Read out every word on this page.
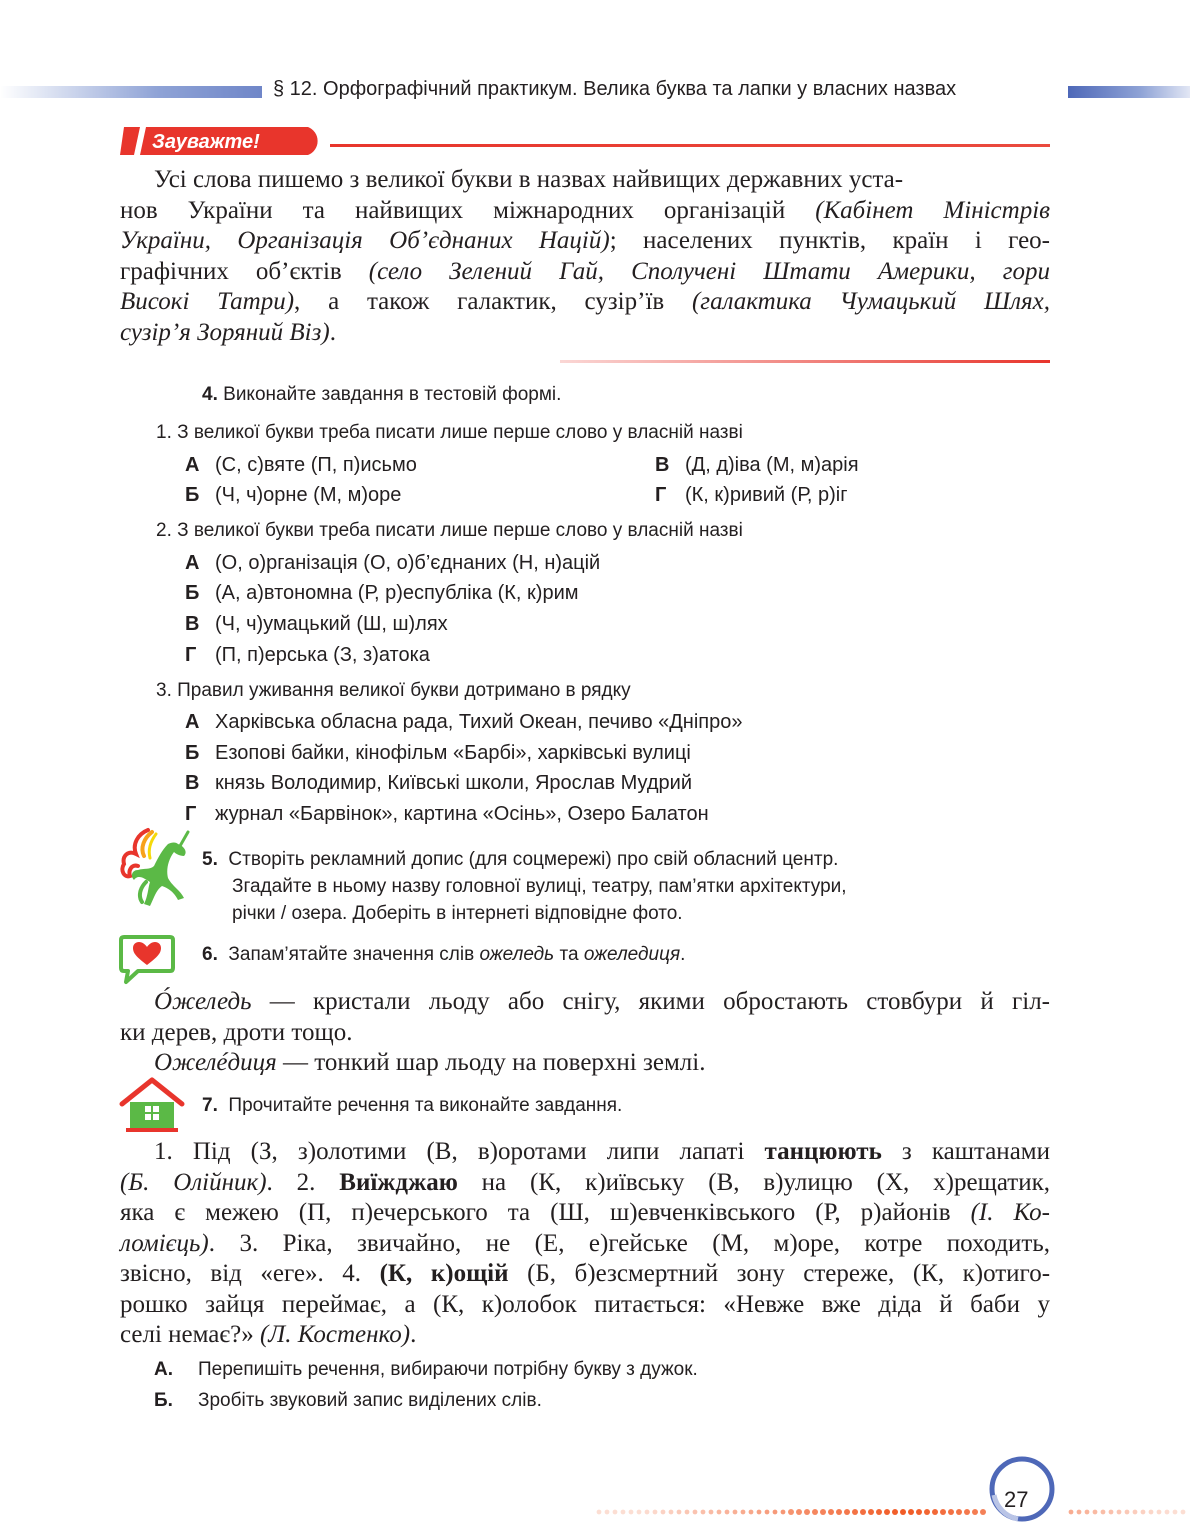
§ 12. Орфографічний практикум. Велика буква та лапки у власних назвах
Зауважте!

Усі слова пишемо з великої букви в назвах найвищих державних уста-

нов України та найвищих міжнародних організацій (Кабінет Міністрів
України, Організація Об’єднаних Націй); населених пунктів, країн і гео-
графічних об’єктів (село Зелений Гай, Сполучені Штати Америки, гори
Високі Татри), а також галактик, сузір’їв (галактика Чумацький Шлях,
сузір’я Зоряний Віз).
4. Виконайте завдання в тестовій формі.
1. З великої букви треба писати лише перше слово у власній назві
А (С, с)вяте (П, п)исьмо	В (Д, д)іва (М, м)арія
Б (Ч, ч)орне (М, м)оре	Г (К, к)ривий (Р, р)іг
2. З великої букви треба писати лише перше слово у власній назві
А (О, о)рганізація (О, о)б’єднаних (Н, н)ацій
Б (А, а)втономна (Р, р)еспубліка (К, к)рим
В (Ч, ч)умацький (Ш, ш)лях
Г (П, п)ерська (З, з)атока
3. Правил уживання великої букви дотримано в рядку
А Харківська обласна рада, Тихий Океан, печиво «Дніпро»
Б Езопові байки, кінофільм «Барбі», харківські вулиці
В князь Володимир, Київські школи, Ярослав Мудрий
Г журнал «Барвінок», картина «Осінь», Озеро Балатон
5. Створіть рекламний допис (для соцмережі) про свій обласний центр.
Згадайте в ньому назву головної вулиці, театру, пам’ятки архітектури,
річки / озера. Доберіть в інтернеті відповідне фото.
6. Запам’ятайте значення слів ожеледь та ожеледиця.
Óжеледь — кристали льоду або снігу, якими обростають стовбури й гіл-
ки дерев, дроти тощо.
Ожелéдиця — тонкий шар льоду на поверхні землі.
7. Прочитайте речення та виконайте завдання.
1. Під (З, з)олотими (В, в)оротами липи лапаті танцюють з каштанами
(Б. Олійник). 2. Виїжджаю на (К, к)иївську (В, в)улицю (Х, х)рещатик,
яка є межею (П, п)ечерського та (Ш, ш)евченківського (Р, р)айонів (І. Ко-
ломієць). 3. Ріка, звичайно, не (Е, е)гейське (М, м)оре, котре походить,
звісно, від «еге». 4. (К, к)ощій (Б, б)езсмертний зону стереже, (К, к)отиго-
рошко зайця переймає, а (К, к)олобок питається: «Невже вже діда й баби у
селі немає?» (Л. Костенко).
А. Перепишіть речення, вибираючи потрібну букву з дужок.
Б. Зробіть звуковий запис виділених слів.
27
